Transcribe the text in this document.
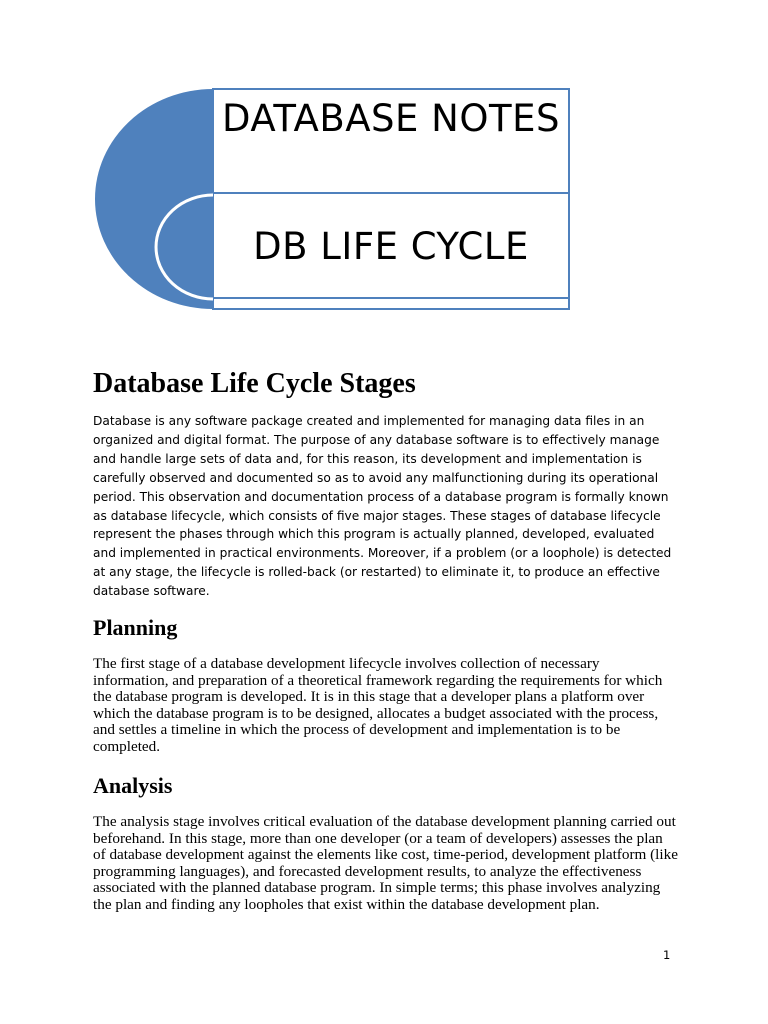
DATABASE NOTES
DB LIFE CYCLE
Database Life Cycle Stages

Database is any software package created and implemented for managing data files in an organized and digital format. The purpose of any database software is to effectively manage and handle large sets of data and, for this reason, its development and implementation is carefully observed and documented so as to avoid any malfunctioning during its operational period. This observation and documentation process of a database program is formally known as database lifecycle, which consists of five major stages. These stages of database lifecycle represent the phases through which this program is actually planned, developed, evaluated and implemented in practical environments. Moreover, if a problem (or a loophole) is detected at any stage, the lifecycle is rolled-back (or restarted) to eliminate it, to produce an effective database software.

Planning

The first stage of a database development lifecycle involves collection of necessary information, and preparation of a theoretical framework regarding the requirements for which the database program is developed. It is in this stage that a developer plans a platform over which the database program is to be designed, allocates a budget associated with the process, and settles a timeline in which the process of development and implementation is to be completed.

Analysis

The analysis stage involves critical evaluation of the database development planning carried out beforehand. In this stage, more than one developer (or a team of developers) assesses the plan of database development against the elements like cost, time-period, development platform (like programming languages), and forecasted development results, to analyze the effectiveness associated with the planned database program. In simple terms; this phase involves analyzing the plan and finding any loopholes that exist within the database development plan.

1
